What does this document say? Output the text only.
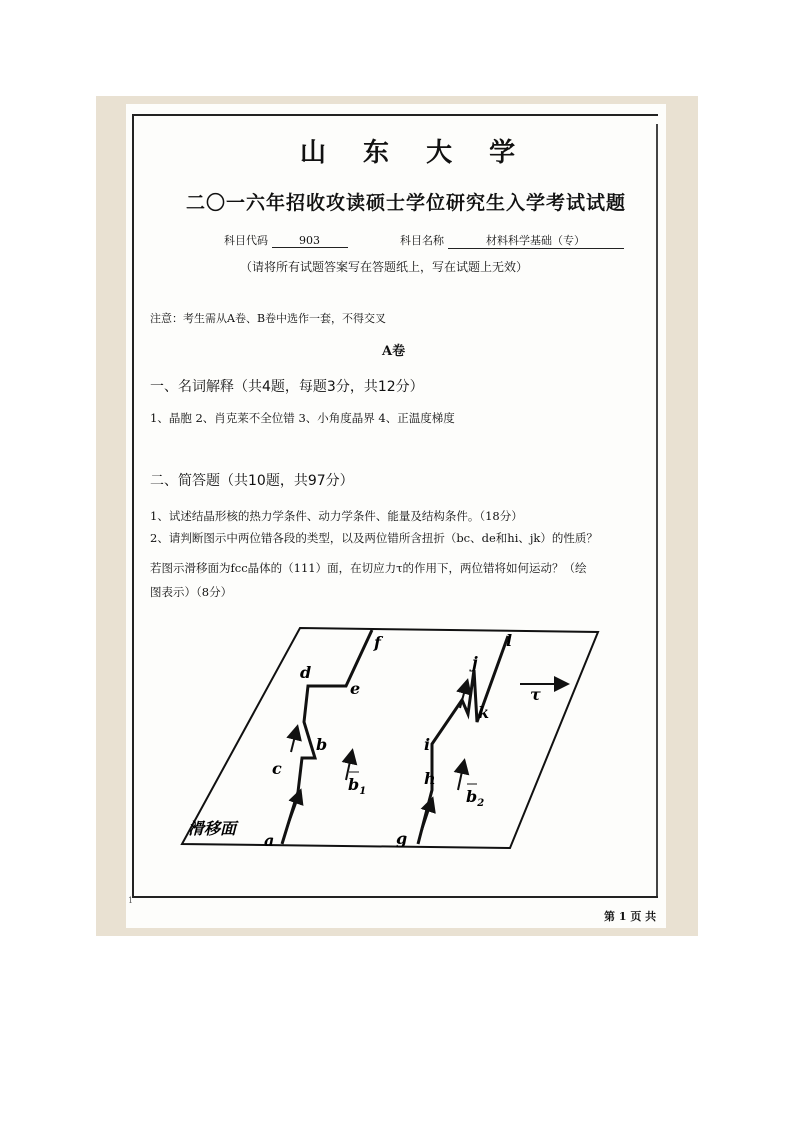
山 东 大 学
二〇一六年招收攻读硕士学位研究生入学考试试题
科目代码	903	科目名称	材料科学基础（专）
（请将所有试题答案写在答题纸上，写在试题上无效）
注意：考生需从A卷、B卷中选作一套，不得交叉
A卷
一、名词解释（共4题，每题3分，共12分）
1、晶胞 2、肖克莱不全位错 3、小角度晶界 4、正温度梯度
二、简答题（共10题，共97分）
1、试述结晶形核的热力学条件、动力学条件、能量及结构条件。（18分）
2、请判断图示中两位错各段的类型，以及两位错所含扭折（bc、de和hi、jk）的性质？
若图示滑移面为fcc晶体的（111）面，在切应力τ的作用下，两位错将如何运动？（绘
图表示）（8分）
滑移面
a
b
c
d
e
f
g
h
i
j
k
l
$b_1$	$b_2$
τ
1
第 1 页 共
